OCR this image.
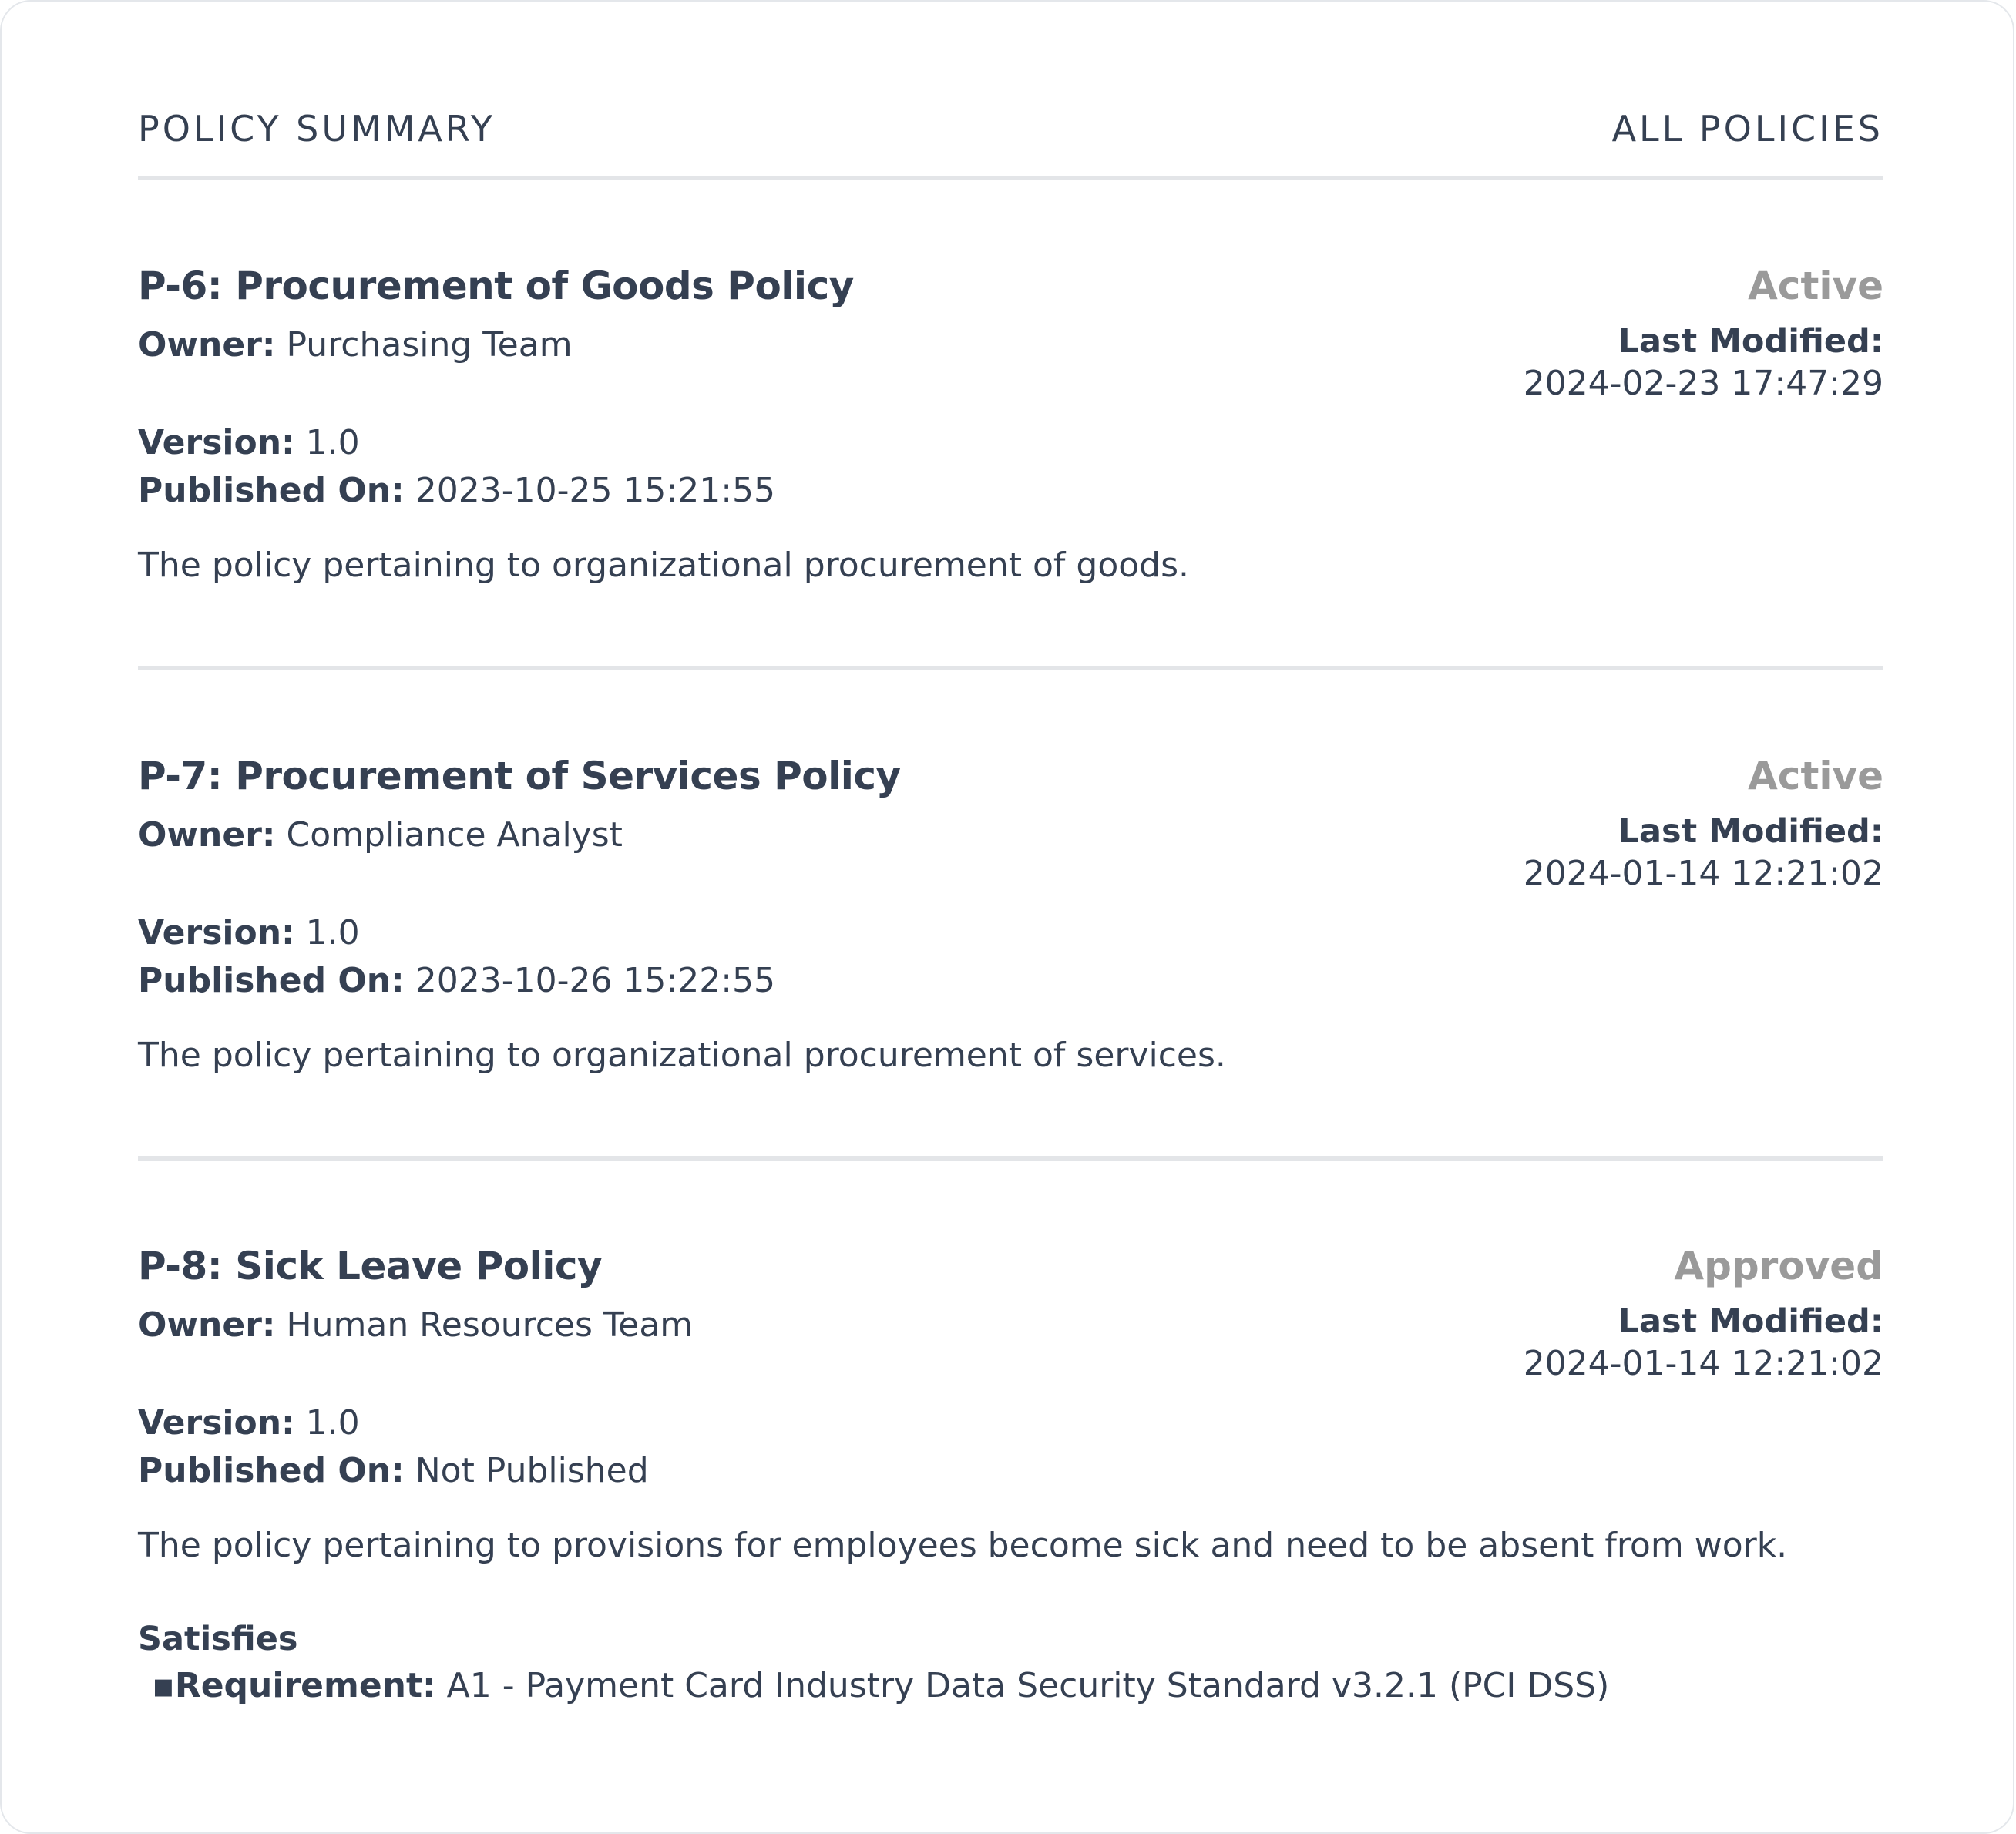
POLICY SUMMARY	ALL POLICIES
P-6: Procurement of Goods Policy	Active
Owner: Purchasing Team	Last Modified:
2024-02-23 17:47:29
Version: 1.0
Published On: 2023-10-25 15:21:55
The policy pertaining to organizational procurement of goods.
P-7: Procurement of Services Policy	Active
Owner: Compliance Analyst	Last Modified:
2024-01-14 12:21:02
Version: 1.0
Published On: 2023-10-26 15:22:55
The policy pertaining to organizational procurement of services.
P-8: Sick Leave Policy	Approved
Owner: Human Resources Team	Last Modified:
2024-01-14 12:21:02
Version: 1.0
Published On: Not Published
The policy pertaining to provisions for employees become sick and need to be absent from work.
Satisfies
▪Requirement: A1 - Payment Card Industry Data Security Standard v3.2.1 (PCI DSS)
